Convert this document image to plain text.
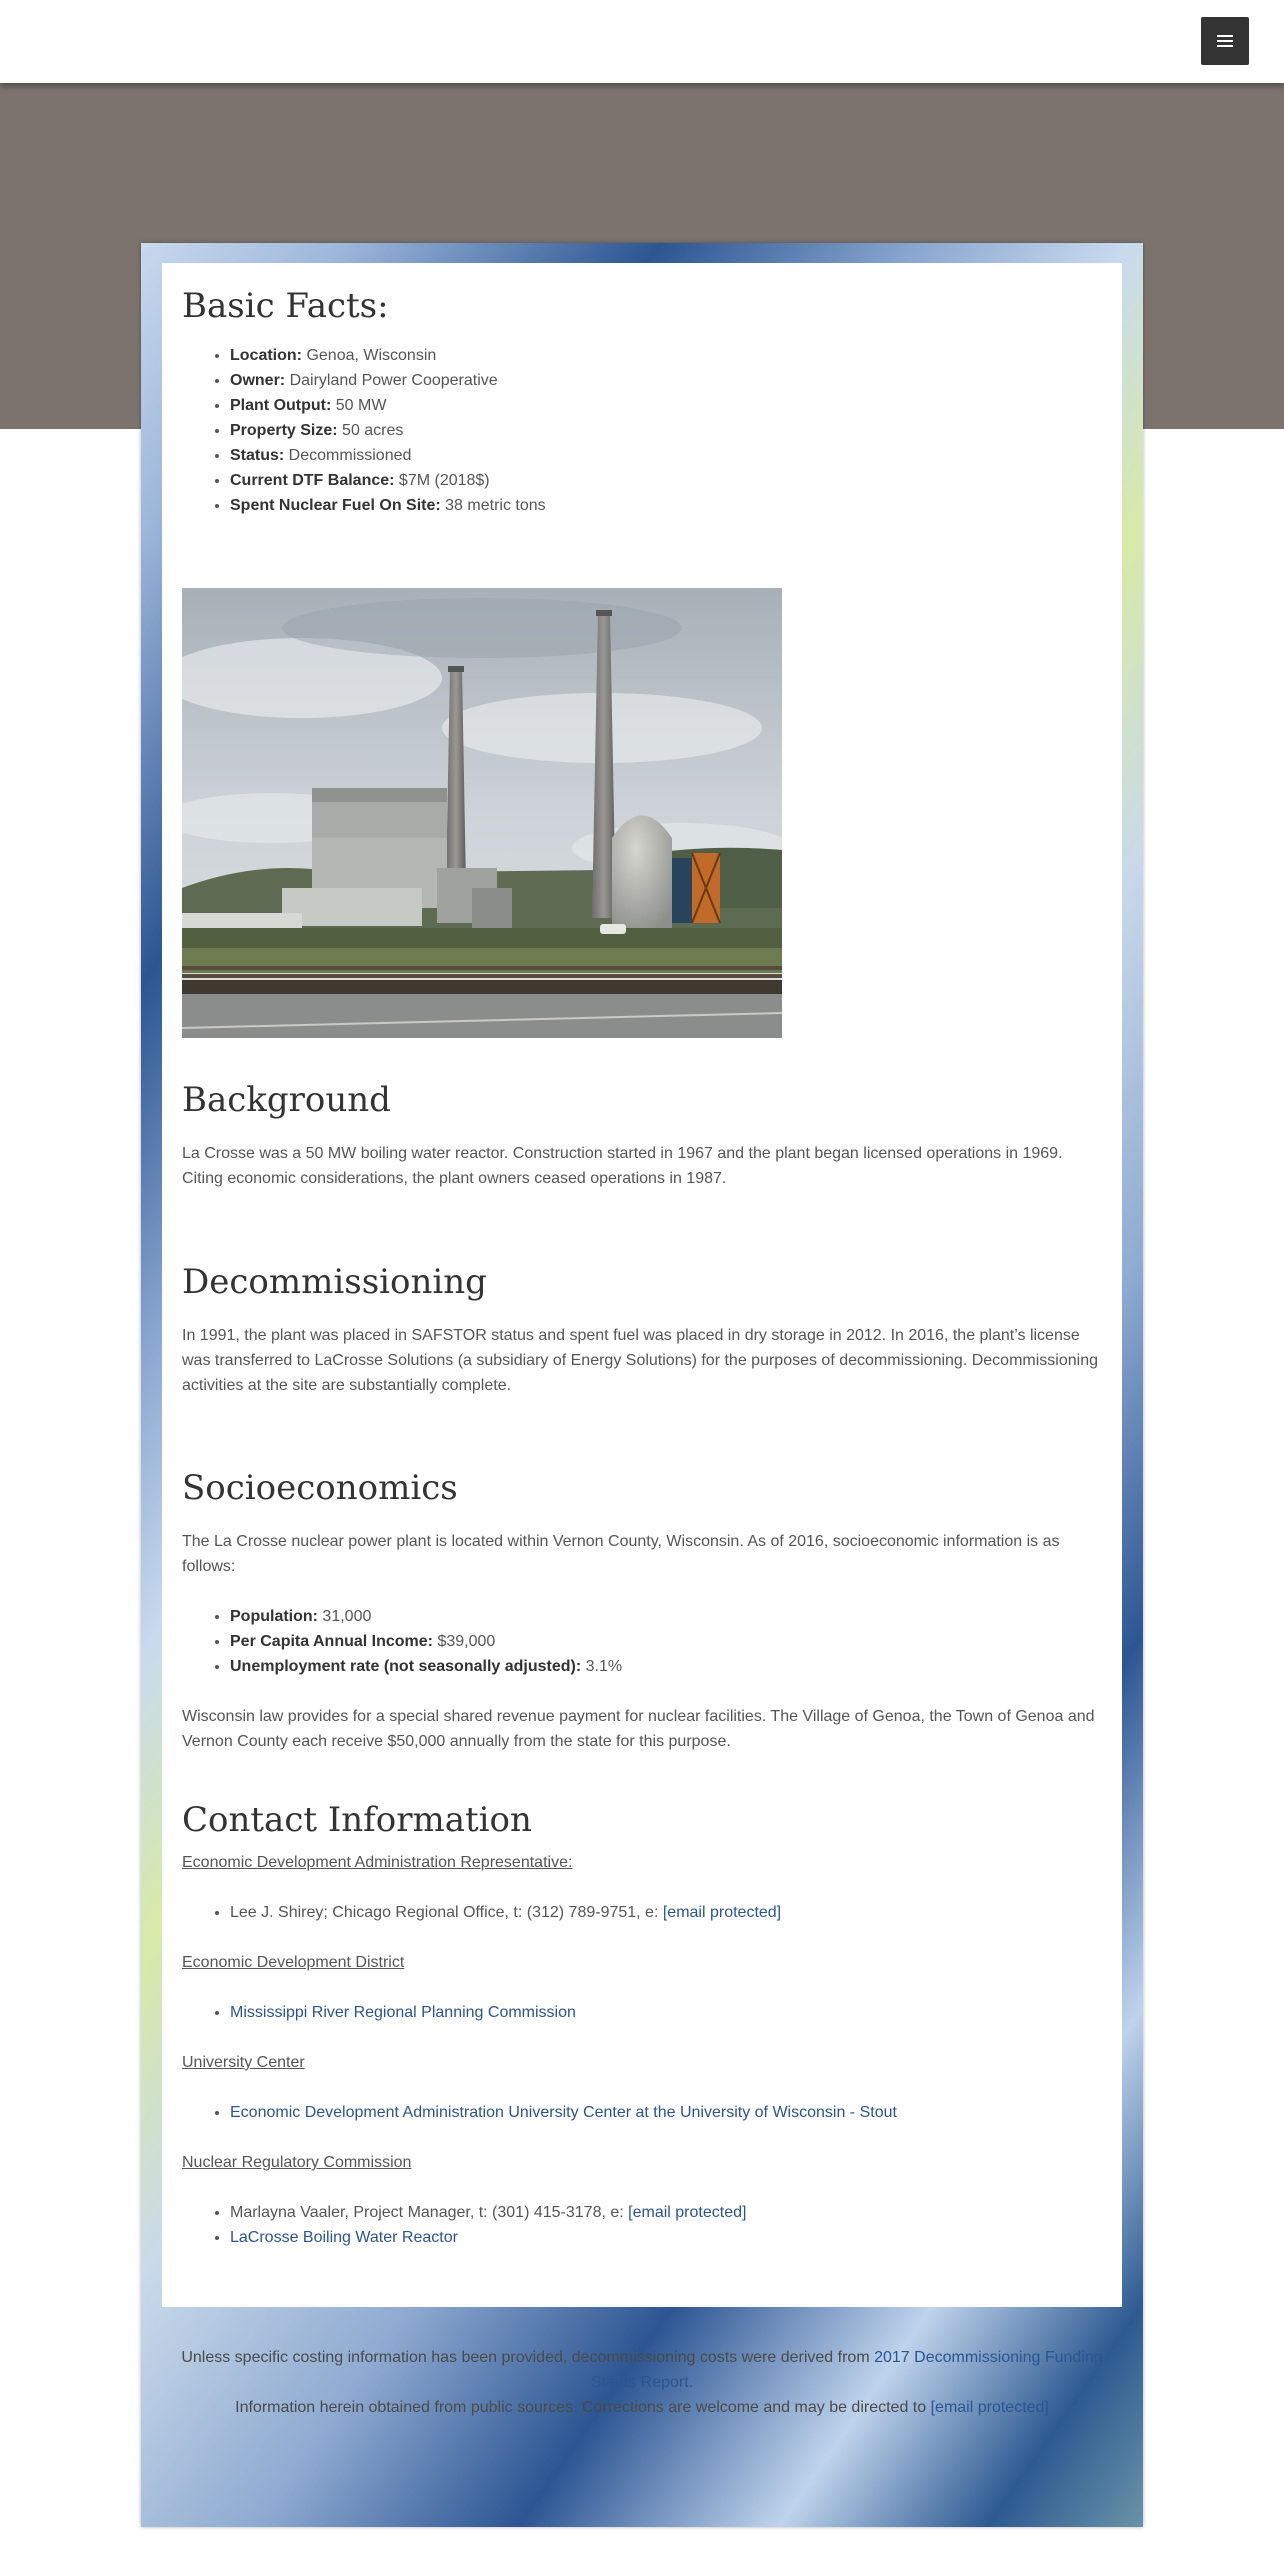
Basic Facts:
• Location: Genoa, Wisconsin
• Owner: Dairyland Power Cooperative
• Plant Output: 50 MW
• Property Size: 50 acres
• Status: Decommissioned
• Current DTF Balance: $7M (2018$)
• Spent Nuclear Fuel On Site: 38 metric tons
Background

La Crosse was a 50 MW boiling water reactor. Construction started in 1967 and the plant began licensed operations in 1969. Citing economic considerations, the plant owners ceased operations in 1987.

Decommissioning

In 1991, the plant was placed in SAFSTOR status and spent fuel was placed in dry storage in 2012. In 2016, the plant’s license was transferred to LaCrosse Solutions (a subsidiary of Energy Solutions) for the purposes of decommissioning. Decommissioning activities at the site are substantially complete.

Socioeconomics

The La Crosse nuclear power plant is located within Vernon County, Wisconsin. As of 2016, socioeconomic information is as follows:

• Population: 31,000
• Per Capita Annual Income: $39,000
• Unemployment rate (not seasonally adjusted): 3.1%

Wisconsin law provides for a special shared revenue payment for nuclear facilities. The Village of Genoa, the Town of Genoa and Vernon County each receive $50,000 annually from the state for this purpose.

Contact Information
Economic Development Administration Representative:
• Lee J. Shirey; Chicago Regional Office, t: (312) 789-9751, e: [email protected]
Economic Development District
• Mississippi River Regional Planning Commission
University Center
• Economic Development Administration University Center at the University of Wisconsin - Stout
Nuclear Regulatory Commission
• Marlayna Vaaler, Project Manager, t: (301) 415-3178, e: [email protected]
• LaCrosse Boiling Water Reactor
Unless specific costing information has been provided, decommissioning costs were derived from 2017 Decommissioning Funding Status Report.
Information herein obtained from public sources. Corrections are welcome and may be directed to [email protected]
